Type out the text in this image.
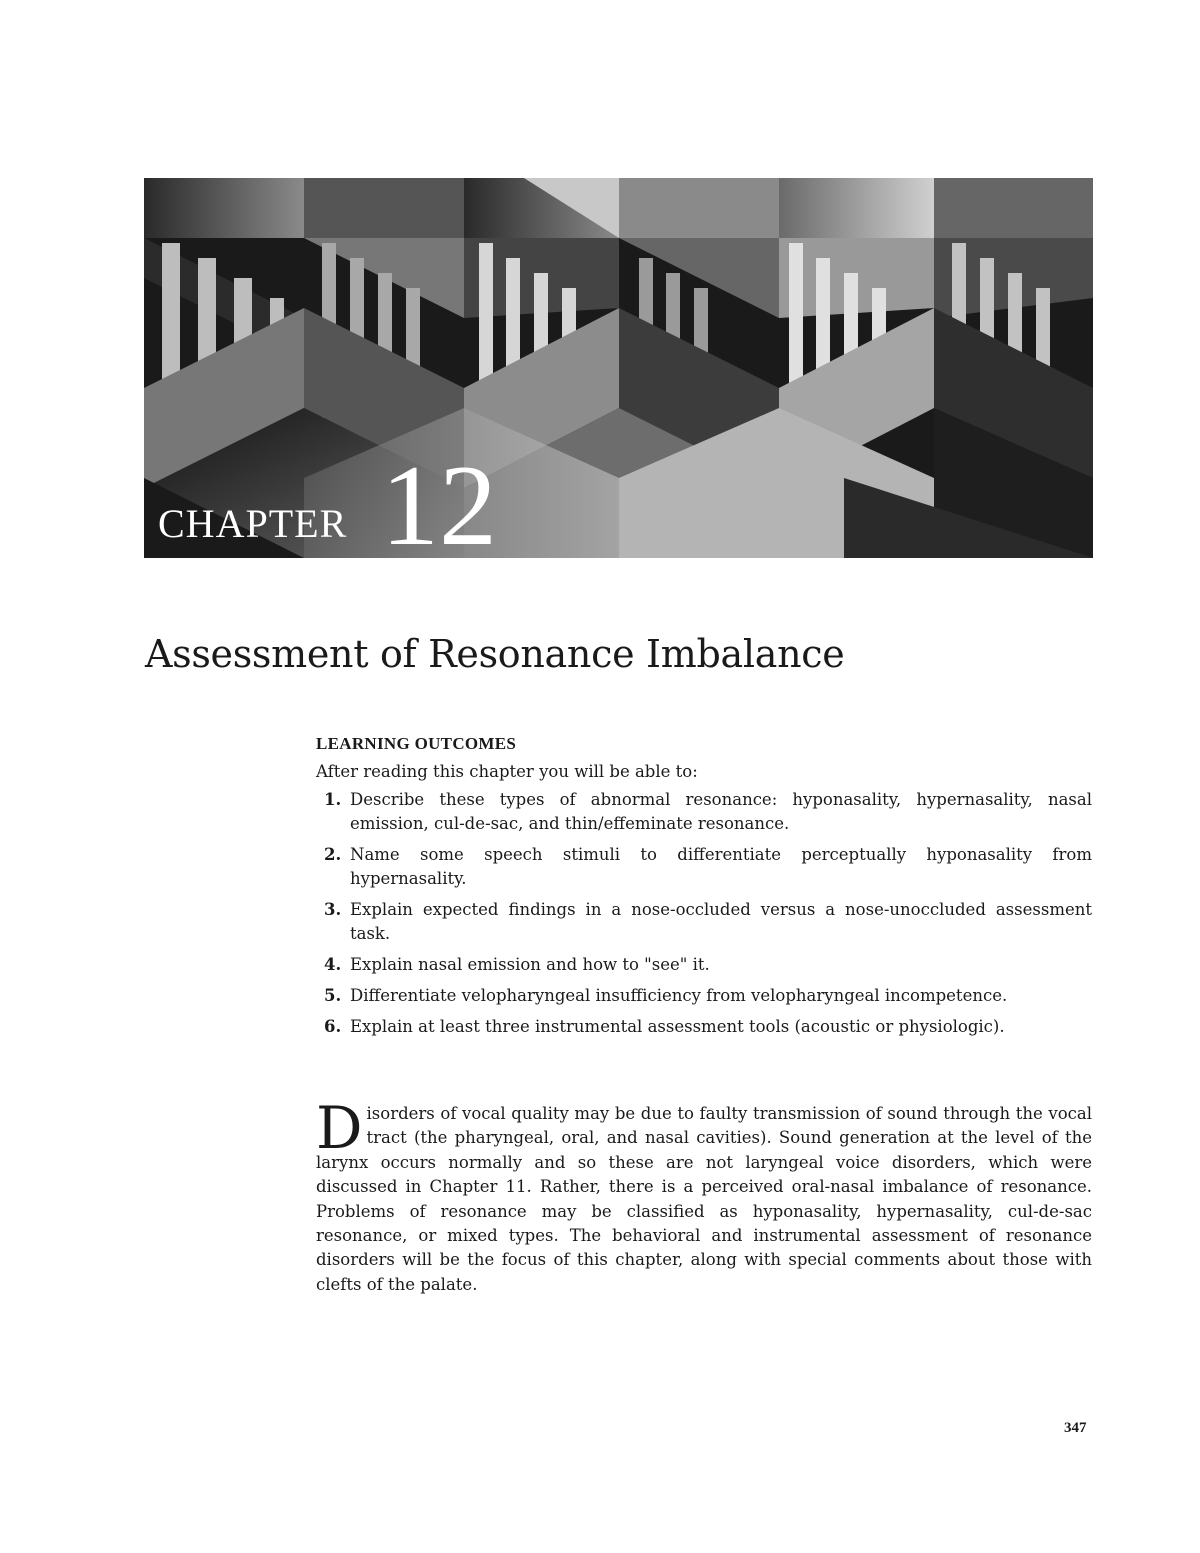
CHAPTER 12
Assessment of Resonance Imbalance

LEARNING OUTCOMES

After reading this chapter you will be able to:

1. Describe these types of abnormal resonance: hyponasality, hypernasality, nasal emission, cul-de-sac, and thin/effeminate resonance.
2. Name some speech stimuli to differentiate perceptually hyponasality from hypernasality.
3. Explain expected findings in a nose-occluded versus a nose-unoccluded assessment task.
4. Explain nasal emission and how to "see" it.
5. Differentiate velopharyngeal insufficiency from velopharyngeal incompetence.
6. Explain at least three instrumental assessment tools (acoustic or physiologic).

Disorders of vocal quality may be due to faulty transmission of sound through the vocal tract (the pharyngeal, oral, and nasal cavities). Sound generation at the level of the larynx occurs normally and so these are not laryngeal voice disorders, which were discussed in Chapter 11. Rather, there is a perceived oral-nasal imbalance of resonance. Problems of resonance may be classified as hyponasality, hypernasality, cul-de-sac resonance, or mixed types. The behavioral and instrumental assessment of resonance disorders will be the focus of this chapter, along with special comments about those with clefts of the palate.

347
